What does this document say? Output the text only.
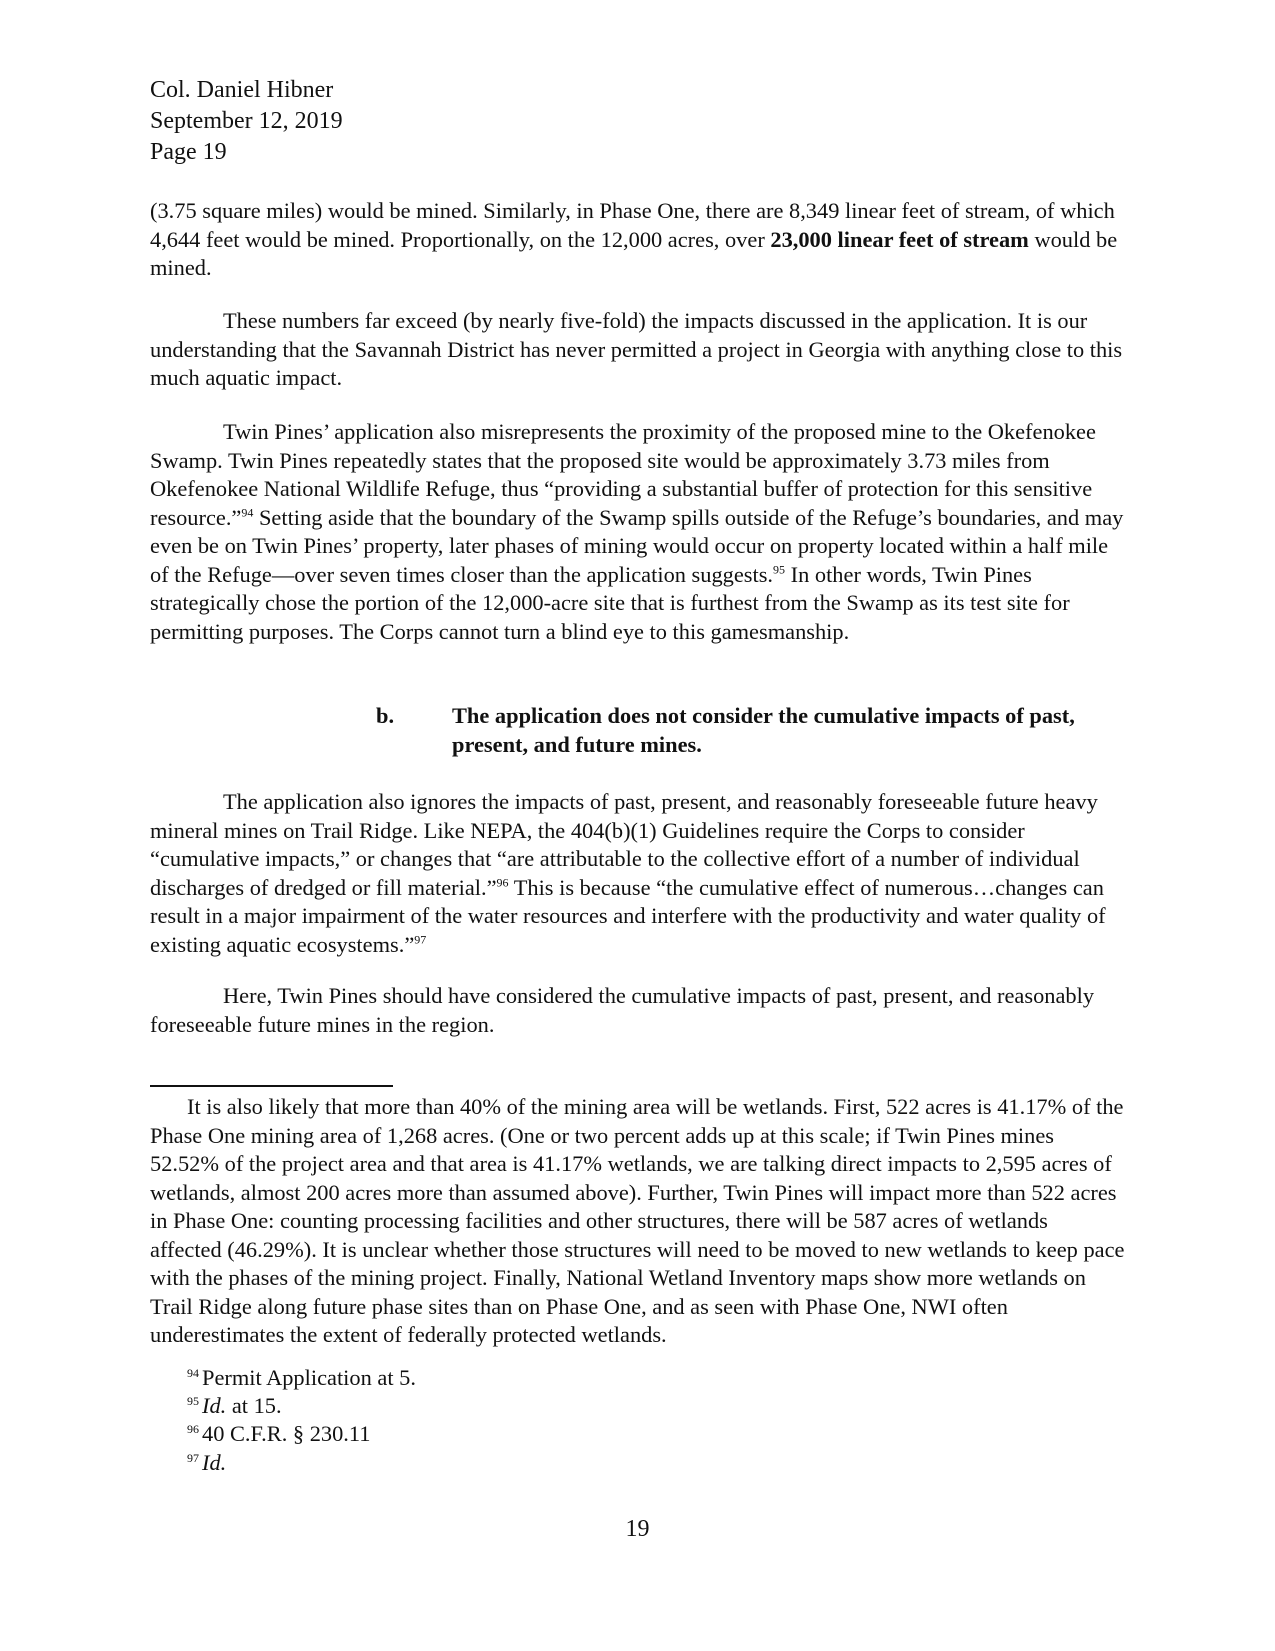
Col. Daniel Hibner
September 12, 2019
Page 19

(3.75 square miles) would be mined. Similarly, in Phase One, there are 8,349 linear feet of stream, of which 4,644 feet would be mined. Proportionally, on the 12,000 acres, over 23,000 linear feet of stream would be mined.

These numbers far exceed (by nearly five-fold) the impacts discussed in the application. It is our understanding that the Savannah District has never permitted a project in Georgia with anything close to this much aquatic impact.

Twin Pines’ application also misrepresents the proximity of the proposed mine to the Okefenokee Swamp. Twin Pines repeatedly states that the proposed site would be approximately 3.73 miles from Okefenokee National Wildlife Refuge, thus “providing a substantial buffer of protection for this sensitive resource.”$^{94}$ Setting aside that the boundary of the Swamp spills outside of the Refuge’s boundaries, and may even be on Twin Pines’ property, later phases of mining would occur on property located within a half mile of the Refuge—over seven times closer than the application suggests.$^{95}$ In other words, Twin Pines strategically chose the portion of the 12,000-acre site that is furthest from the Swamp as its test site for permitting purposes. The Corps cannot turn a blind eye to this gamesmanship.

b.	The application does not consider the cumulative impacts of past, present, and future mines.

The application also ignores the impacts of past, present, and reasonably foreseeable future heavy mineral mines on Trail Ridge. Like NEPA, the 404(b)(1) Guidelines require the Corps to consider “cumulative impacts,” or changes that “are attributable to the collective effort of a number of individual discharges of dredged or fill material.”$^{96}$ This is because “the cumulative effect of numerous…changes can result in a major impairment of the water resources and interfere with the productivity and water quality of existing aquatic ecosystems.”$^{97}$

Here, Twin Pines should have considered the cumulative impacts of past, present, and reasonably foreseeable future mines in the region.

It is also likely that more than 40% of the mining area will be wetlands. First, 522 acres is 41.17% of the Phase One mining area of 1,268 acres. (One or two percent adds up at this scale; if Twin Pines mines 52.52% of the project area and that area is 41.17% wetlands, we are talking direct impacts to 2,595 acres of wetlands, almost 200 acres more than assumed above). Further, Twin Pines will impact more than 522 acres in Phase One: counting processing facilities and other structures, there will be 587 acres of wetlands affected (46.29%). It is unclear whether those structures will need to be moved to new wetlands to keep pace with the phases of the mining project. Finally, National Wetland Inventory maps show more wetlands on Trail Ridge along future phase sites than on Phase One, and as seen with Phase One, NWI often underestimates the extent of federally protected wetlands.

$^{94}$ Permit Application at 5.
$^{95}$ Id. at 15.
$^{96}$ 40 C.F.R. § 230.11
$^{97}$ Id.
19
